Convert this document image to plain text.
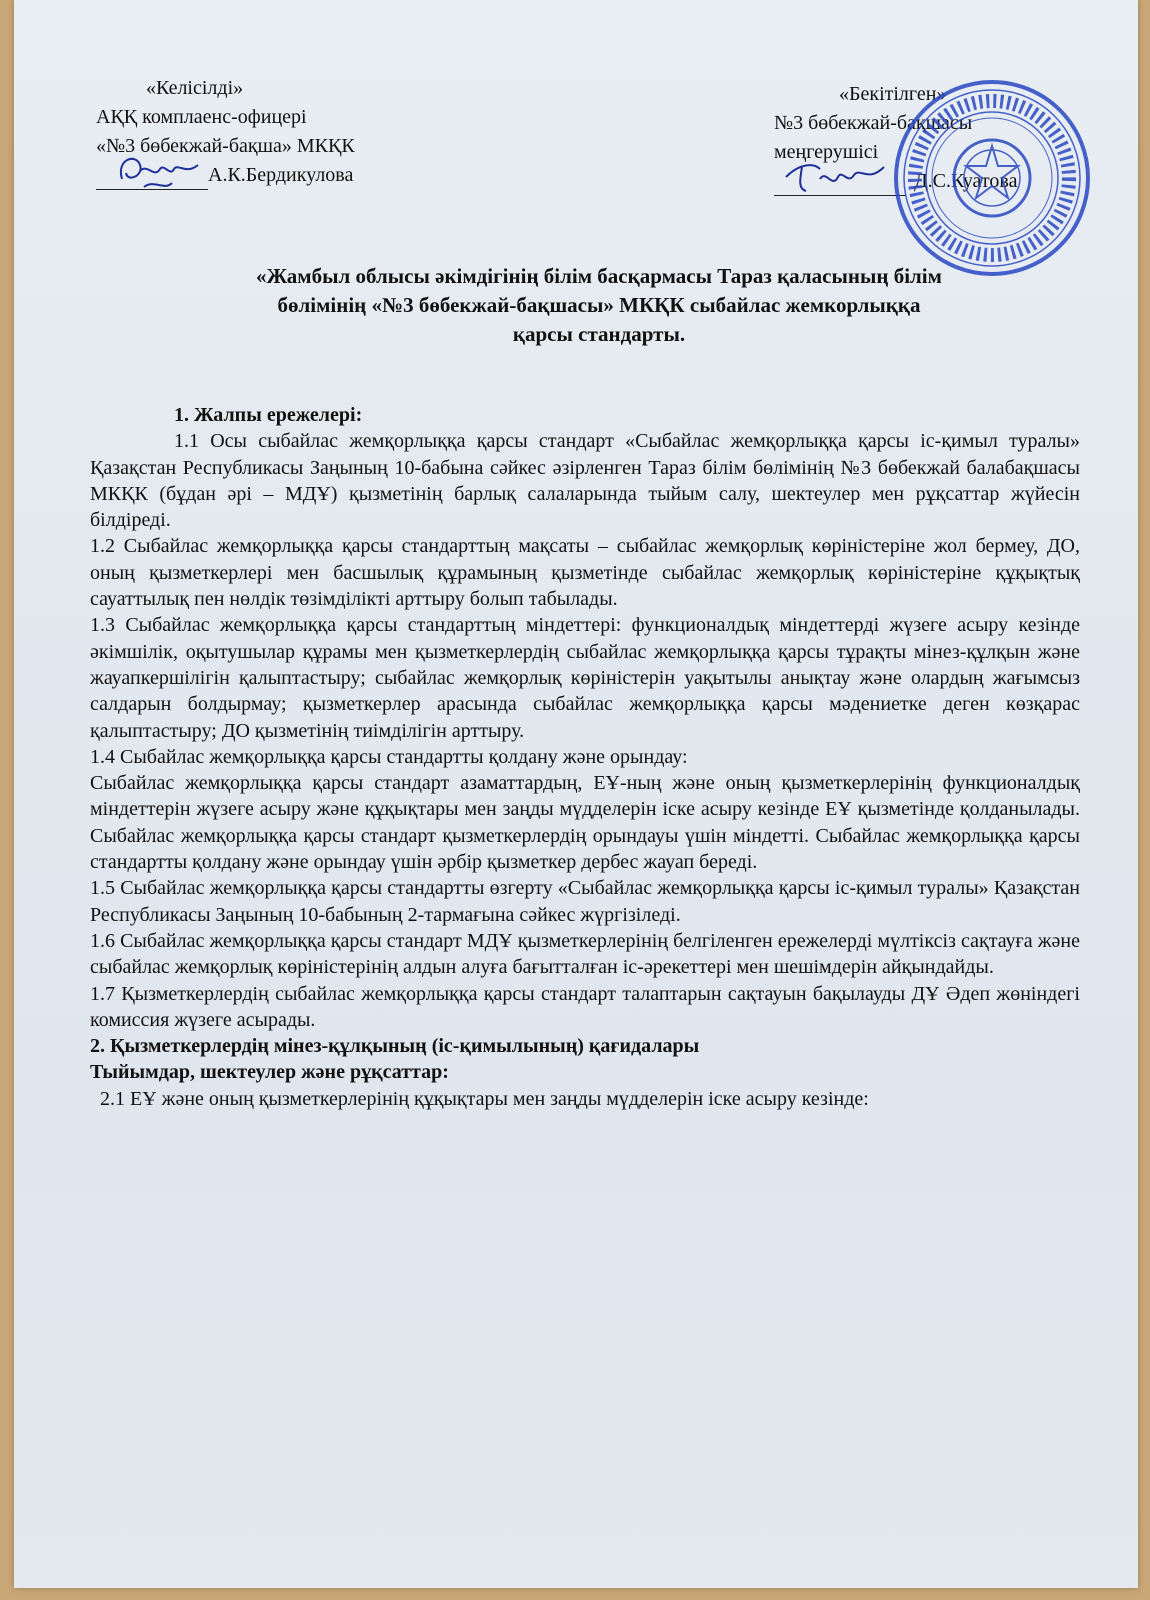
«Келісілді»
АҚҚ комплаенс-офицері
«№3 бөбекжай-бақша» МКҚК
А.К.Бердикулова
«Бекітілген»
№3 бөбекжай-бақшасы
меңгерушісі
Д.С.Куатова
«Жамбыл облысы әкімдігінің білім басқармасы Тараз қаласының білім
бөлімінің «№3 бөбекжай-бақшасы» МКҚК сыбайлас жемкорлыққа
қарсы стандарты.

1. Жалпы ережелері:

1.1 Осы сыбайлас жемқорлыққа қарсы стандарт «Сыбайлас жемқорлыққа қарсы іс-қимыл туралы» Қазақстан Республикасы Заңының 10-бабына сәйкес әзірленген Тараз білім бөлімінің №3 бөбекжай балабақшасы МКҚК (бұдан әрі – МДҰ) қызметінің барлық салаларында тыйым салу, шектеулер мен рұқсаттар жүйесін білдіреді.

1.2 Сыбайлас жемқорлыққа қарсы стандарттың мақсаты – сыбайлас жемқорлық көріністеріне жол бермеу, ДО, оның қызметкерлері мен басшылық құрамының қызметінде сыбайлас жемқорлық көріністеріне құқықтық сауаттылық пен нөлдік төзімділікті арттыру болып табылады.

1.3 Сыбайлас жемқорлыққа қарсы стандарттың міндеттері: функционалдық міндеттерді жүзеге асыру кезінде әкімшілік, оқытушылар құрамы мен қызметкерлердің сыбайлас жемқорлыққа қарсы тұрақты мінез-құлқын және жауапкершілігін қалыптастыру; сыбайлас жемқорлық көріністерін уақытылы анықтау және олардың жағымсыз салдарын болдырмау; қызметкерлер арасында сыбайлас жемқорлыққа қарсы мәдениетке деген көзқарас қалыптастыру; ДО қызметінің тиімділігін арттыру.

1.4 Сыбайлас жемқорлыққа қарсы стандартты қолдану және орындау:

Сыбайлас жемқорлыққа қарсы стандарт азаматтардың, ЕҰ-ның және оның қызметкерлерінің функционалдық міндеттерін жүзеге асыру және құқықтары мен заңды мүдделерін іске асыру кезінде ЕҰ қызметінде қолданылады. Сыбайлас жемқорлыққа қарсы стандарт қызметкерлердің орындауы үшін міндетті. Сыбайлас жемқорлыққа қарсы стандартты қолдану және орындау үшін әрбір қызметкер дербес жауап береді.

1.5 Сыбайлас жемқорлыққа қарсы стандартты өзгерту «Сыбайлас жемқорлыққа қарсы іс-қимыл туралы» Қазақстан Республикасы Заңының 10-бабының 2-тармағына сәйкес жүргізіледі.

1.6 Сыбайлас жемқорлыққа қарсы стандарт МДҰ қызметкерлерінің белгіленген ережелерді мүлтіксіз сақтауға және сыбайлас жемқорлық көріністерінің алдын алуға бағытталған іс-әрекеттері мен шешімдерін айқындайды.

1.7 Қызметкерлердің сыбайлас жемқорлыққа қарсы стандарт талаптарын сақтауын бақылауды ДҰ Әдеп жөніндегі комиссия жүзеге асырады.

2. Қызметкерлердің мінез-құлқының (іс-қимылының) қағидалары

Тыйымдар, шектеулер және рұқсаттар:

2.1 ЕҰ және оның қызметкерлерінің құқықтары мен заңды мүдделерін іске асыру кезінде:
